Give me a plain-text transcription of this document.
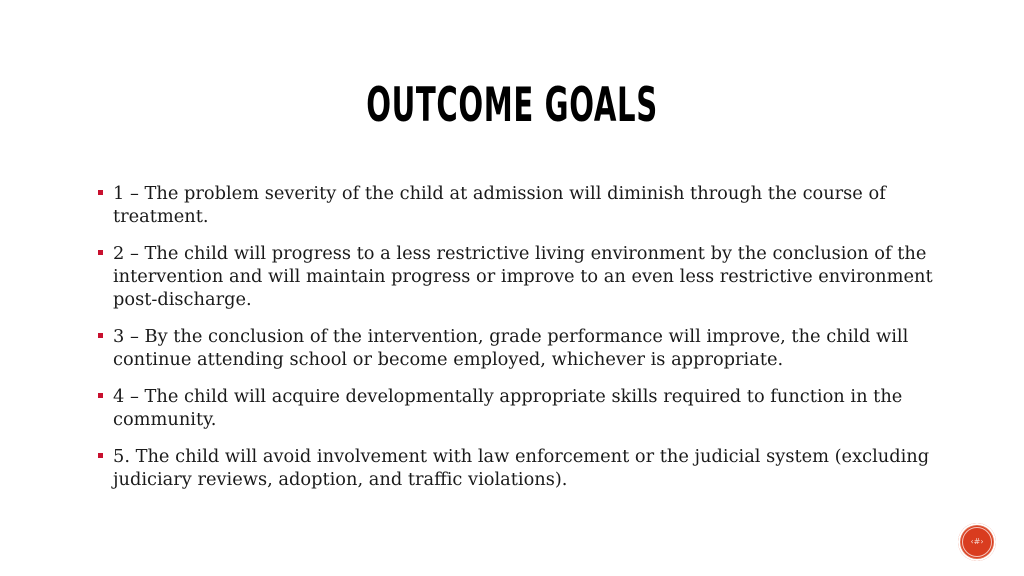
OUTCOME GOALS
1 – The problem severity of the child at admission will diminish through the course of treatment.
2 – The child will progress to a less restrictive living environment by the conclusion of the intervention and will maintain progress or improve to an even less restrictive environment post-discharge.
3 – By the conclusion of the intervention, grade performance will improve, the child will continue attending school or become employed, whichever is appropriate.
4 – The child will acquire developmentally appropriate skills required to function in the community.
5. The child will avoid involvement with law enforcement or the judicial system (excluding judiciary reviews, adoption, and traffic violations).
‹#›
